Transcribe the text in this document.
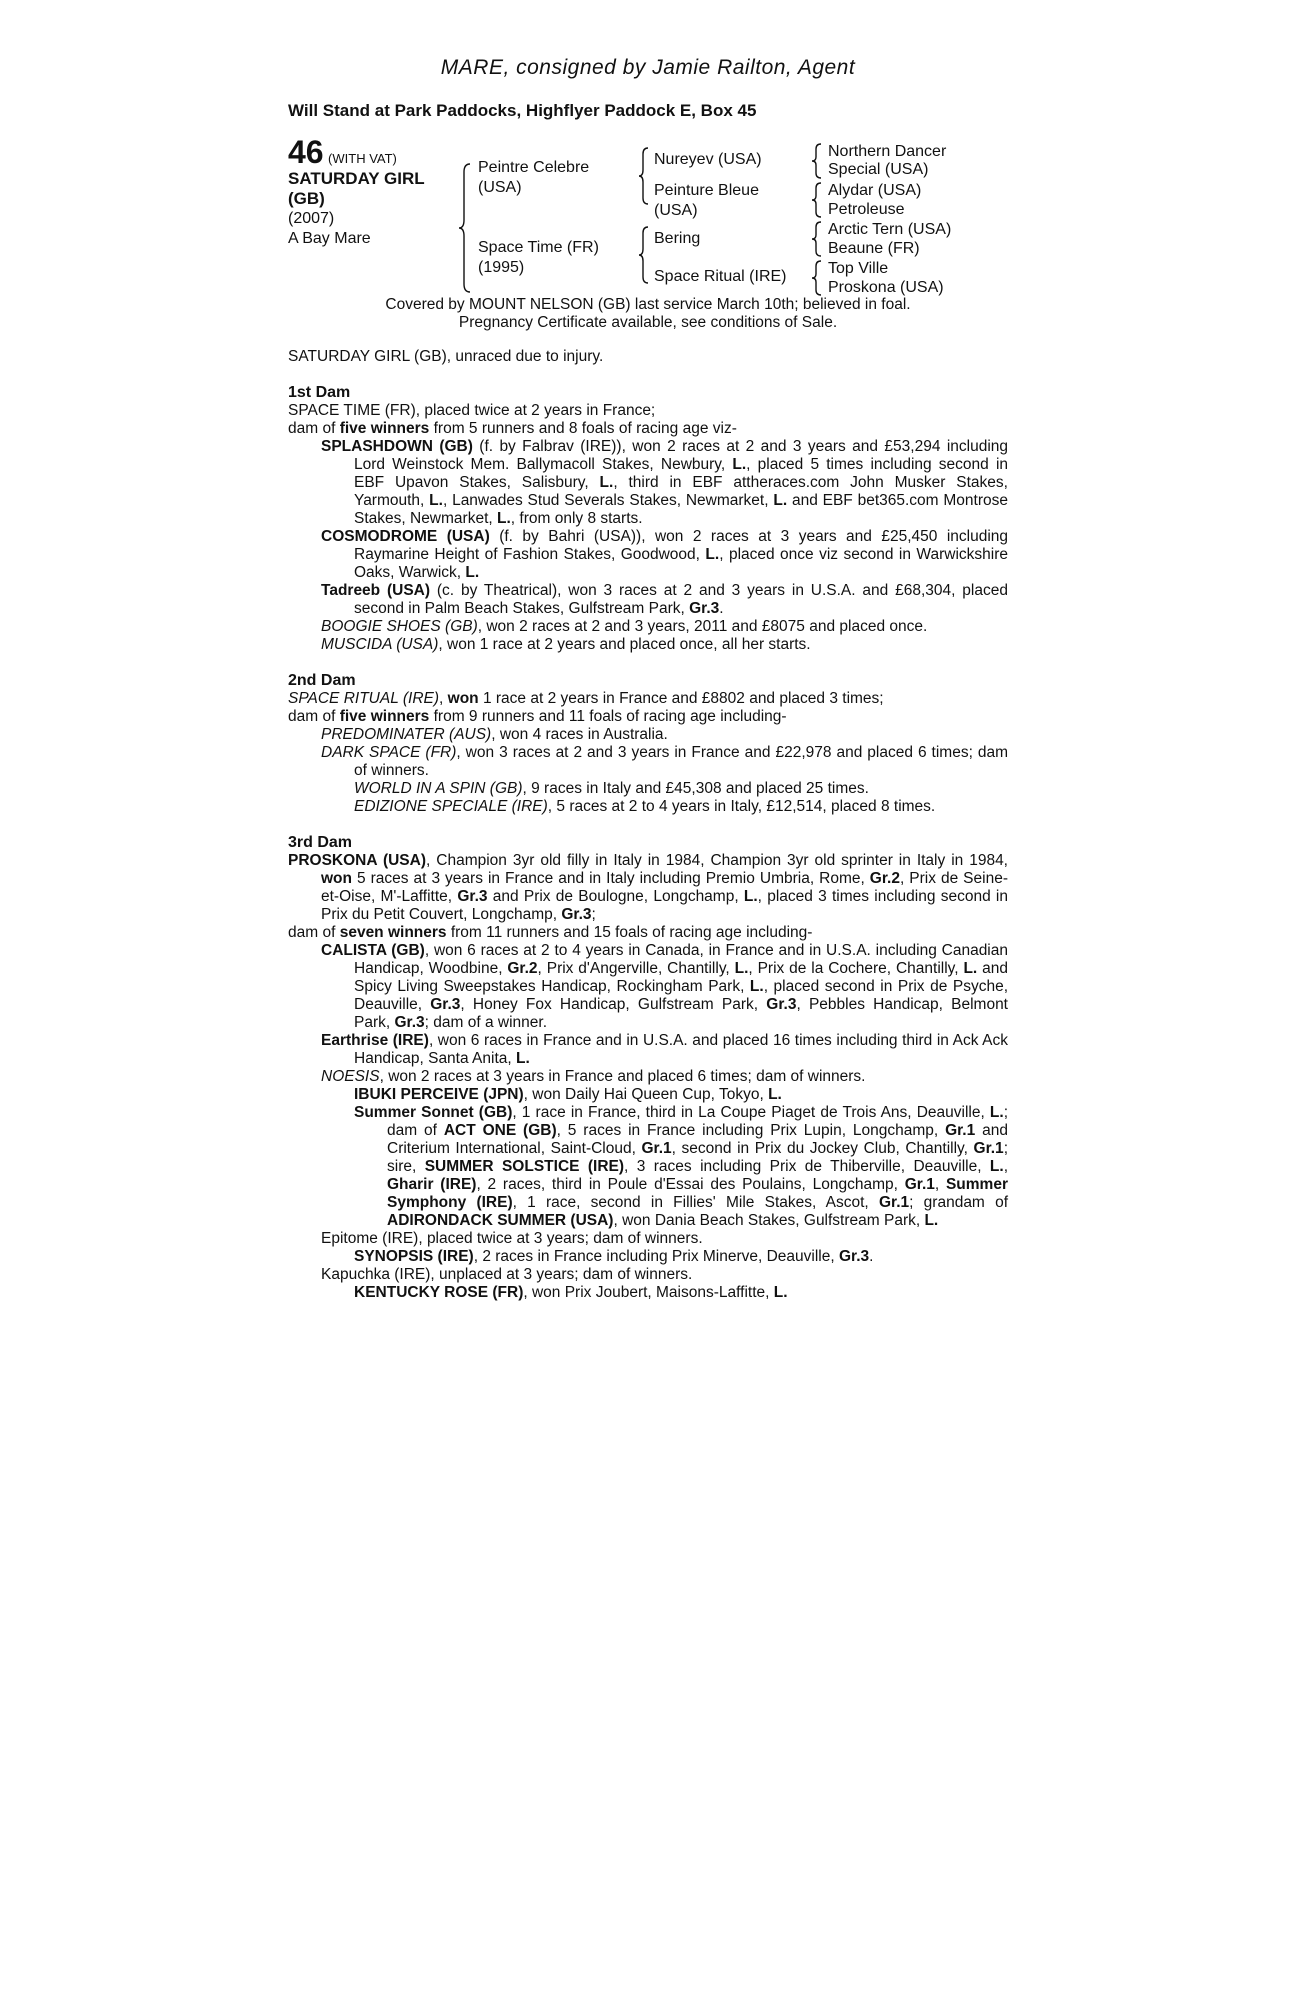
MARE, consigned by Jamie Railton, Agent
Will Stand at Park Paddocks, Highflyer Paddock E, Box 45
46 (WITH VAT)
SATURDAY GIRL
(GB)
(2007)
A Bay Mare
Peintre Celebre
(USA)
Space Time (FR)
(1995)
Nureyev (USA)
Peinture Bleue
(USA)
Bering
Space Ritual (IRE)
Northern Dancer
Special (USA)
Alydar (USA)
Petroleuse
Arctic Tern (USA)
Beaune (FR)
Top Ville
Proskona (USA)
Covered by MOUNT NELSON (GB) last service March 10th; believed in foal.
Pregnancy Certificate available, see conditions of Sale.

SATURDAY GIRL (GB), unraced due to injury.

1st Dam

SPACE TIME (FR), placed twice at 2 years in France;

dam of five winners from 5 runners and 8 foals of racing age viz-

SPLASHDOWN (GB) (f. by Falbrav (IRE)), won 2 races at 2 and 3 years and £53,294 including Lord Weinstock Mem. Ballymacoll Stakes, Newbury, L., placed 5 times including second in EBF Upavon Stakes, Salisbury, L., third in EBF attheraces.com John Musker Stakes, Yarmouth, L., Lanwades Stud Severals Stakes, Newmarket, L. and EBF bet365.com Montrose Stakes, Newmarket, L., from only 8 starts.

COSMODROME (USA) (f. by Bahri (USA)), won 2 races at 3 years and £25,450 including Raymarine Height of Fashion Stakes, Goodwood, L., placed once viz second in Warwickshire Oaks, Warwick, L.

Tadreeb (USA) (c. by Theatrical), won 3 races at 2 and 3 years in U.S.A. and £68,304, placed second in Palm Beach Stakes, Gulfstream Park, Gr.3.

BOOGIE SHOES (GB), won 2 races at 2 and 3 years, 2011 and £8075 and placed once.

MUSCIDA (USA), won 1 race at 2 years and placed once, all her starts.

2nd Dam

SPACE RITUAL (IRE), won 1 race at 2 years in France and £8802 and placed 3 times;

dam of five winners from 9 runners and 11 foals of racing age including-

PREDOMINATER (AUS), won 4 races in Australia.

DARK SPACE (FR), won 3 races at 2 and 3 years in France and £22,978 and placed 6 times; dam of winners.

WORLD IN A SPIN (GB), 9 races in Italy and £45,308 and placed 25 times.

EDIZIONE SPECIALE (IRE), 5 races at 2 to 4 years in Italy, £12,514, placed 8 times.

3rd Dam

PROSKONA (USA), Champion 3yr old filly in Italy in 1984, Champion 3yr old sprinter in Italy in 1984, won 5 races at 3 years in France and in Italy including Premio Umbria, Rome, Gr.2, Prix de Seine-et-Oise, M'-Laffitte, Gr.3 and Prix de Boulogne, Longchamp, L., placed 3 times including second in Prix du Petit Couvert, Longchamp, Gr.3;

dam of seven winners from 11 runners and 15 foals of racing age including-

CALISTA (GB), won 6 races at 2 to 4 years in Canada, in France and in U.S.A. including Canadian Handicap, Woodbine, Gr.2, Prix d'Angerville, Chantilly, L., Prix de la Cochere, Chantilly, L. and Spicy Living Sweepstakes Handicap, Rockingham Park, L., placed second in Prix de Psyche, Deauville, Gr.3, Honey Fox Handicap, Gulfstream Park, Gr.3, Pebbles Handicap, Belmont Park, Gr.3; dam of a winner.

Earthrise (IRE), won 6 races in France and in U.S.A. and placed 16 times including third in Ack Ack Handicap, Santa Anita, L.

NOESIS, won 2 races at 3 years in France and placed 6 times; dam of winners.

IBUKI PERCEIVE (JPN), won Daily Hai Queen Cup, Tokyo, L.

Summer Sonnet (GB), 1 race in France, third in La Coupe Piaget de Trois Ans, Deauville, L.; dam of ACT ONE (GB), 5 races in France including Prix Lupin, Longchamp, Gr.1 and Criterium International, Saint-Cloud, Gr.1, second in Prix du Jockey Club, Chantilly, Gr.1; sire, SUMMER SOLSTICE (IRE), 3 races including Prix de Thiberville, Deauville, L., Gharir (IRE), 2 races, third in Poule d'Essai des Poulains, Longchamp, Gr.1, Summer Symphony (IRE), 1 race, second in Fillies' Mile Stakes, Ascot, Gr.1; grandam of ADIRONDACK SUMMER (USA), won Dania Beach Stakes, Gulfstream Park, L.

Epitome (IRE), placed twice at 3 years; dam of winners.

SYNOPSIS (IRE), 2 races in France including Prix Minerve, Deauville, Gr.3.

Kapuchka (IRE), unplaced at 3 years; dam of winners.

KENTUCKY ROSE (FR), won Prix Joubert, Maisons-Laffitte, L.
